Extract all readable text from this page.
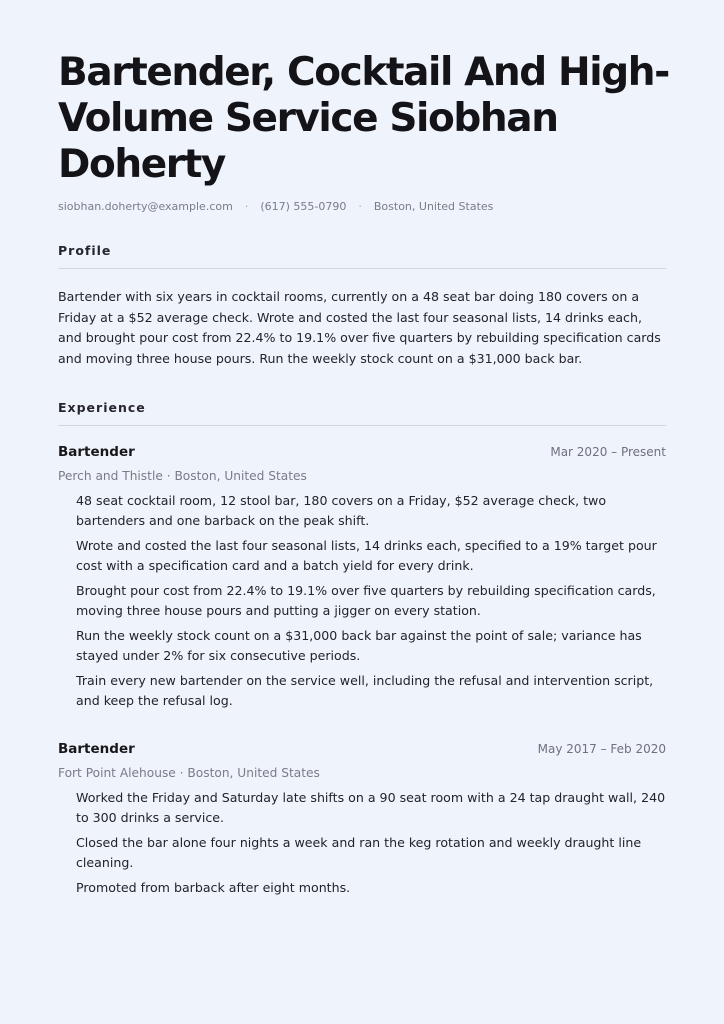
Bartender, Cocktail And High-Volume Service Siobhan Doherty
siobhan.doherty@example.com · (617) 555-0790 · Boston, United States
Profile
Bartender with six years in cocktail rooms, currently on a 48 seat bar doing 180 covers on a Friday at a $52 average check. Wrote and costed the last four seasonal lists, 14 drinks each, and brought pour cost from 22.4% to 19.1% over five quarters by rebuilding specification cards and moving three house pours. Run the weekly stock count on a $31,000 back bar.
Experience
Bartender	Mar 2020 – Present
Perch and Thistle · Boston, United States
48 seat cocktail room, 12 stool bar, 180 covers on a Friday, $52 average check, two bartenders and one barback on the peak shift.
Wrote and costed the last four seasonal lists, 14 drinks each, specified to a 19% target pour cost with a specification card and a batch yield for every drink.
Brought pour cost from 22.4% to 19.1% over five quarters by rebuilding specification cards, moving three house pours and putting a jigger on every station.
Run the weekly stock count on a $31,000 back bar against the point of sale; variance has stayed under 2% for six consecutive periods.
Train every new bartender on the service well, including the refusal and intervention script, and keep the refusal log.
Bartender	May 2017 – Feb 2020
Fort Point Alehouse · Boston, United States
Worked the Friday and Saturday late shifts on a 90 seat room with a 24 tap draught wall, 240 to 300 drinks a service.
Closed the bar alone four nights a week and ran the keg rotation and weekly draught line cleaning.
Promoted from barback after eight months.
